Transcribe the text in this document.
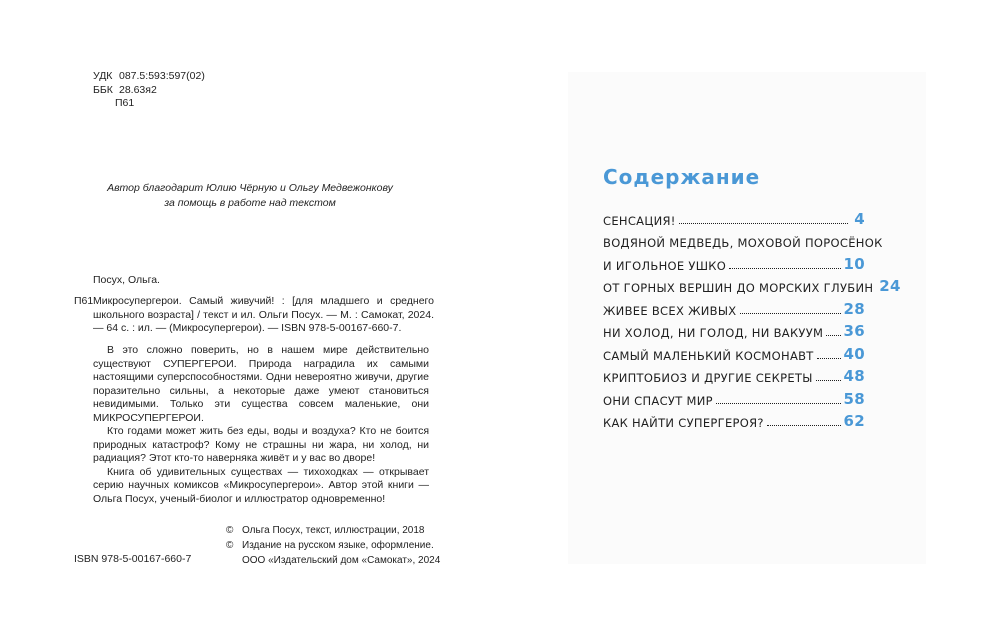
УДК 087.5:593:597(02)
ББК 28.63я2
П61
Автор благодарит Юлию Чёрную и Ольгу Медвежонкову
за помощь в работе над текстом
Посух, Ольга.
П61 Микросупергерои. Самый живучий! : [для младшего и среднего школьного возраста] / текст и ил. Ольги Посух. — М. : Самокат, 2024. — 64 с. : ил. — (Микросупергерои). — ISBN 978-5-00167-660-7.

В это сложно поверить, но в нашем мире действительно существуют СУПЕРГЕРОИ. Природа наградила их самыми настоящими суперспособностями. Одни невероятно живучи, другие поразительно сильны, а некоторые даже умеют становиться невидимыми. Только эти существа совсем маленькие, они МИКРОСУПЕРГЕРОИ.

Кто годами может жить без еды, воды и воздуха? Кто не боится природных катастроф? Кому не страшны ни жара, ни холод, ни радиация? Этот кто-то наверняка живёт и у вас во дворе!

Книга об удивительных существах — тихоходках — открывает серию научных комиксов «Микросупергерои». Автор этой книги — Ольга Посух, ученый-биолог и иллюстратор одновременно!

© Ольга Посух, текст, иллюстрации, 2018
© Издание на русском языке, оформление.
ООО «Издательский дом «Самокат», 2024
ISBN 978-5-00167-660-7
Содержание
СЕНСАЦИЯ!	4
ВОДЯНОЙ МЕДВЕДЬ, МОХОВОЙ ПОРОСЁНОК
И ИГОЛЬНОЕ УШКО	10
ОТ ГОРНЫХ ВЕРШИН ДО МОРСКИХ ГЛУБИН 24
ЖИВЕЕ ВСЕХ ЖИВЫХ	28
НИ ХОЛОД, НИ ГОЛОД, НИ ВАКУУМ 36
САМЫЙ МАЛЕНЬКИЙ КОСМОНАВТ 40
КРИПТОБИОЗ И ДРУГИЕ СЕКРЕТЫ 48
ОНИ СПАСУТ МИР	58
КАК НАЙТИ СУПЕРГЕРОЯ?	62
